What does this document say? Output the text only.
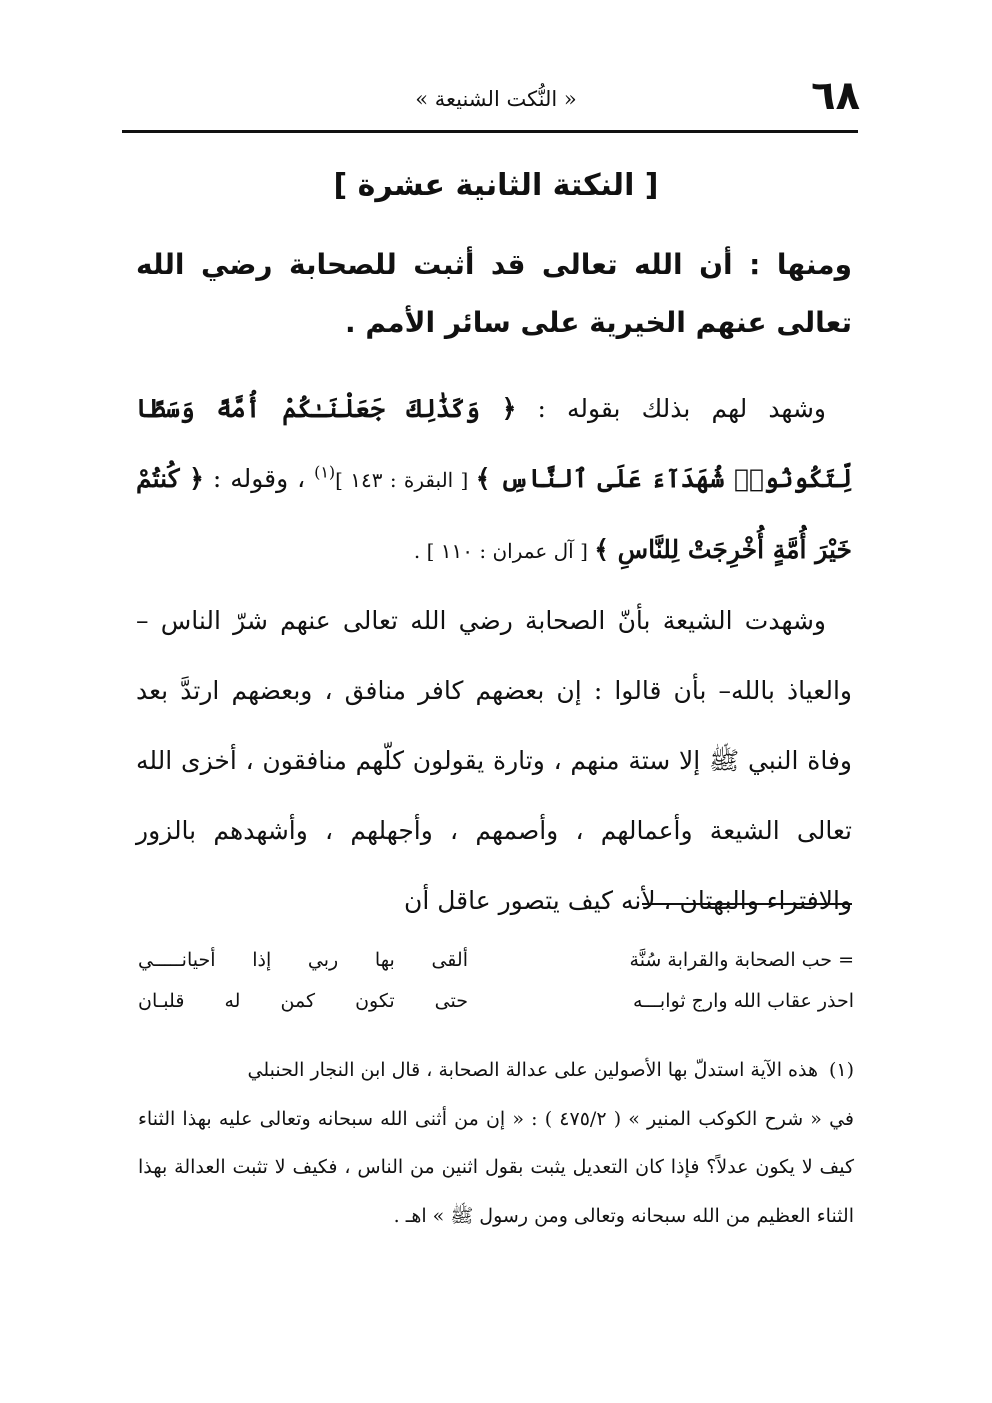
٦٨
« النُّكت الشنيعة »
[ النكتة الثانية عشرة ]
ومنها : أن الله تعالى قد أثبت للصحابة رضي الله تعالى عنهم الخيرية على سائر الأمم .

وشهد لهم بذلك بقوله : ﴿ وَكَذَٰلِكَ جَعَلْنَـٰكُمْ أُمَّةً وَسَطًا لِّتَكُونُوا۟ شُهَدَآءَ عَلَى ٱلنَّاسِ ﴾ [ البقرة : ١٤٣ ]$^{(١)}$ ، وقوله : ﴿ كُنتُمْ خَيْرَ أُمَّةٍ أُخْرِجَتْ لِلنَّاسِ ﴾ [ آل عمران : ١١٠ ] .

وشهدت الشيعة بأنّ الصحابة رضي الله تعالى عنهم شرّ الناس – والعياذ بالله– بأن قالوا : إن بعضهم كافر منافق ، وبعضهم ارتدَّ بعد وفاة النبي ﷺ إلا ستة منهم ، وتارة يقولون كلّهم منافقون ، أخزى الله تعالى الشيعة وأعمالهم ، وأصمهم ، وأجهلهم ، وأشهدهم بالزور والافتراء والبهتان ، لأنه كيف يتصور عاقل أن

= حب الصحابة والقرابة سُنَّة
ألقى بها ربي إذا أحيانـــــي
احذر عقاب الله وارج ثوابـــه
حتى تكون كمن له قلبـان

(١)هذه الآية استدلّ بها الأصولين على عدالة الصحابة ، قال ابن النجار الحنبلي

في « شرح الكوكب المنير » ( ٤٧٥/٢ ) : « إن من أثنى الله سبحانه وتعالى عليه بهذا الثناء كيف لا يكون عدلاً؟ فإذا كان التعديل يثبت بقول اثنين من الناس ، فكيف لا تثبت العدالة بهذا الثناء العظيم من الله سبحانه وتعالى ومن رسول ﷺ » اهـ .
